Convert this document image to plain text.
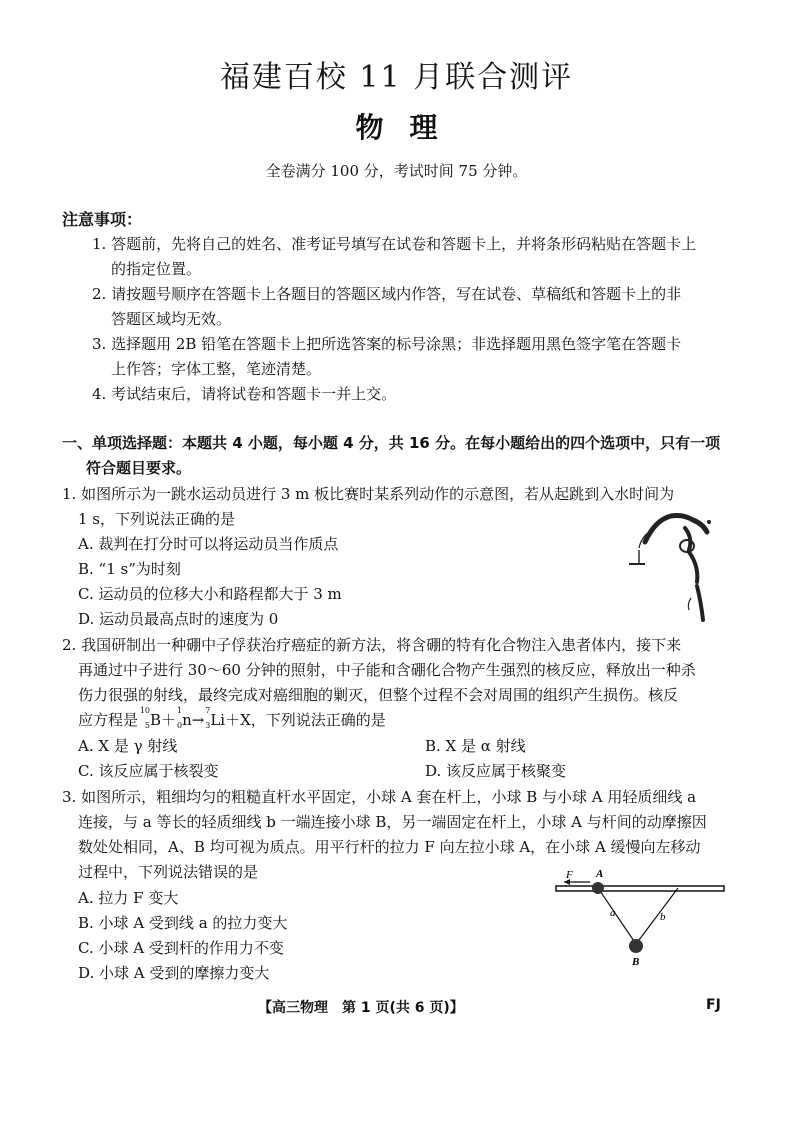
福建百校 11 月联合测评
物理
全卷满分 100 分，考试时间 75 分钟。
注意事项：
1. 答题前，先将自己的姓名、准考证号填写在试卷和答题卡上，并将条形码粘贴在答题卡上
的指定位置。
2. 请按题号顺序在答题卡上各题目的答题区域内作答，写在试卷、草稿纸和答题卡上的非
答题区域均无效。
3. 选择题用 2B 铅笔在答题卡上把所选答案的标号涂黑；非选择题用黑色签字笔在答题卡
上作答；字体工整，笔迹清楚。
4. 考试结束后，请将试卷和答题卡一并上交。
一、单项选择题：本题共 4 小题，每小题 4 分，共 16 分。在每小题给出的四个选项中，只有一项
符合题目要求。
1. 如图所示为一跳水运动员进行 3 m 板比赛时某系列动作的示意图，若从起跳到入水时间为
1 s，下列说法正确的是
A. 裁判在打分时可以将运动员当作质点
B. “1 s”为时刻
C. 运动员的位移大小和路程都大于 3 m
D. 运动员最高点时的速度为 0
2. 我国研制出一种硼中子俘获治疗癌症的新方法，将含硼的特有化合物注入患者体内，接下来
再通过中子进行 30～60 分钟的照射，中子能和含硼化合物产生强烈的核反应，释放出一种杀
伤力很强的射线，最终完成对癌细胞的剿灭，但整个过程不会对周围的组织产生损伤。核反
应方程是
10
5 B＋
1
0 n→
7
3 Li＋X，下列说法正确的是
A. X 是 γ 射线	B. X 是 α 射线
C. 该反应属于核裂变	D. 该反应属于核聚变
3. 如图所示，粗细均匀的粗糙直杆水平固定，小球 A 套在杆上，小球 B 与小球 A 用轻质细线 a
连接，与 a 等长的轻质细线 b 一端连接小球 B，另一端固定在杆上，小球 A 与杆间的动摩擦因
数处处相同，A、B 均可视为质点。用平行杆的拉力 F 向左拉小球 A，在小球 A 缓慢向左移动
过程中，下列说法错误的是
A. 拉力 F 变大
B. 小球 A 受到线 a 的拉力变大
C. 小球 A 受到杆的作用力不变
D. 小球 A 受到的摩擦力变大
F A
a	b
B
【高三物理　第 1 页(共 6 页)】	FJ
